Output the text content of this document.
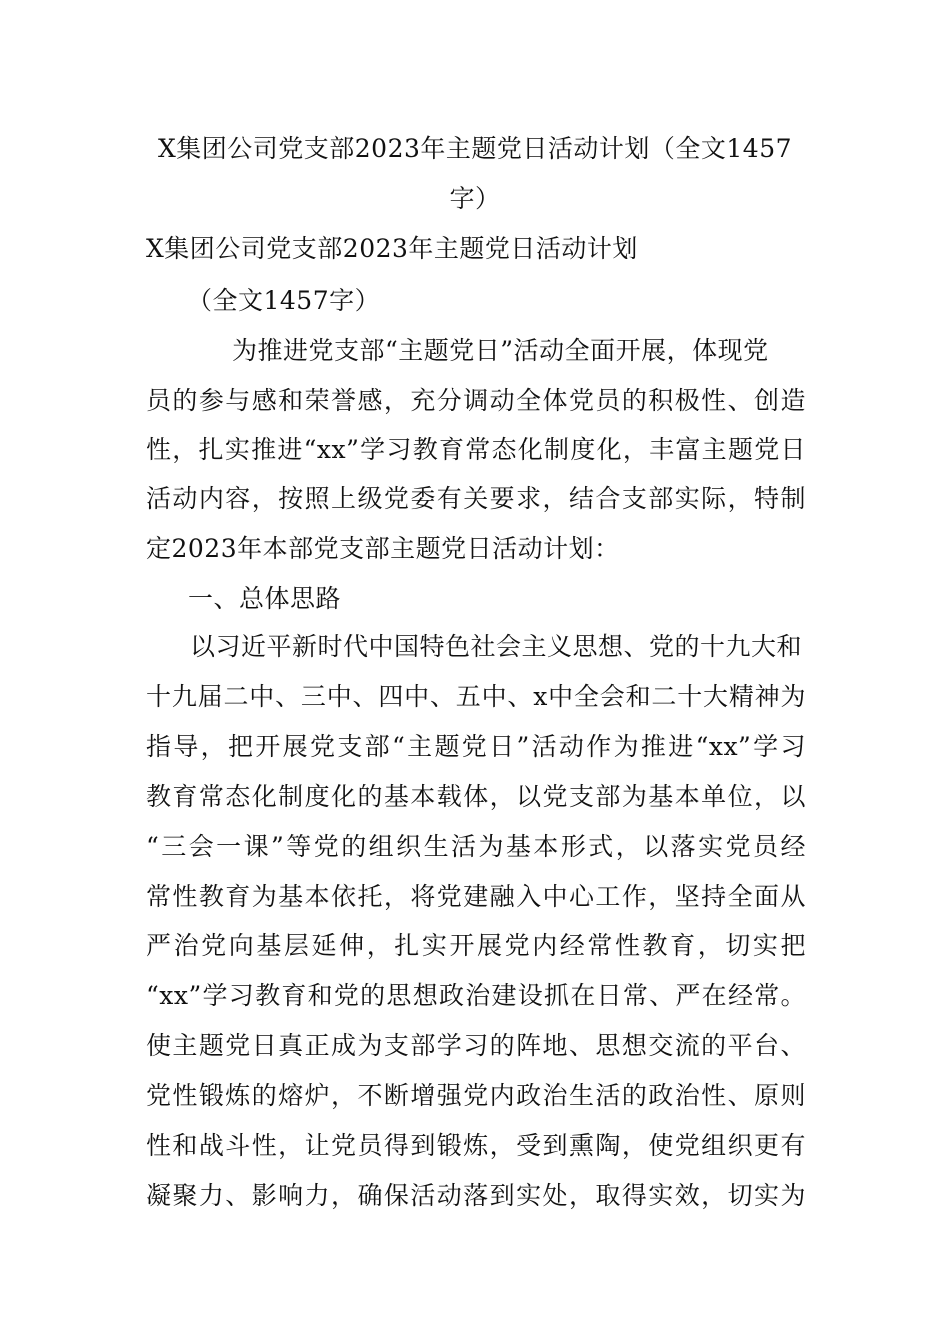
X集团公司党支部2023年主题党日活动计划（全文1457
字）
X集团公司党支部2023年主题党日活动计划
（全文1457字）
为推进党支部“主题党日”活动全面开展，体现党
员的参与感和荣誉感，充分调动全体党员的积极性、创造
性，扎实推进“xx”学习教育常态化制度化，丰富主题党日
活动内容，按照上级党委有关要求，结合支部实际，特制
定2023年本部党支部主题党日活动计划：
一、总体思路
以习近平新时代中国特色社会主义思想、党的十九大和
十九届二中、三中、四中、五中、x中全会和二十大精神为
指导，把开展党支部“主题党日”活动作为推进“xx”学习
教育常态化制度化的基本载体，以党支部为基本单位，以
“三会一课”等党的组织生活为基本形式，以落实党员经
常性教育为基本依托，将党建融入中心工作，坚持全面从
严治党向基层延伸，扎实开展党内经常性教育，切实把
“xx”学习教育和党的思想政治建设抓在日常、严在经常。
使主题党日真正成为支部学习的阵地、思想交流的平台、
党性锻炼的熔炉，不断增强党内政治生活的政治性、原则
性和战斗性，让党员得到锻炼，受到熏陶，使党组织更有
凝聚力、影响力，确保活动落到实处，取得实效，切实为
